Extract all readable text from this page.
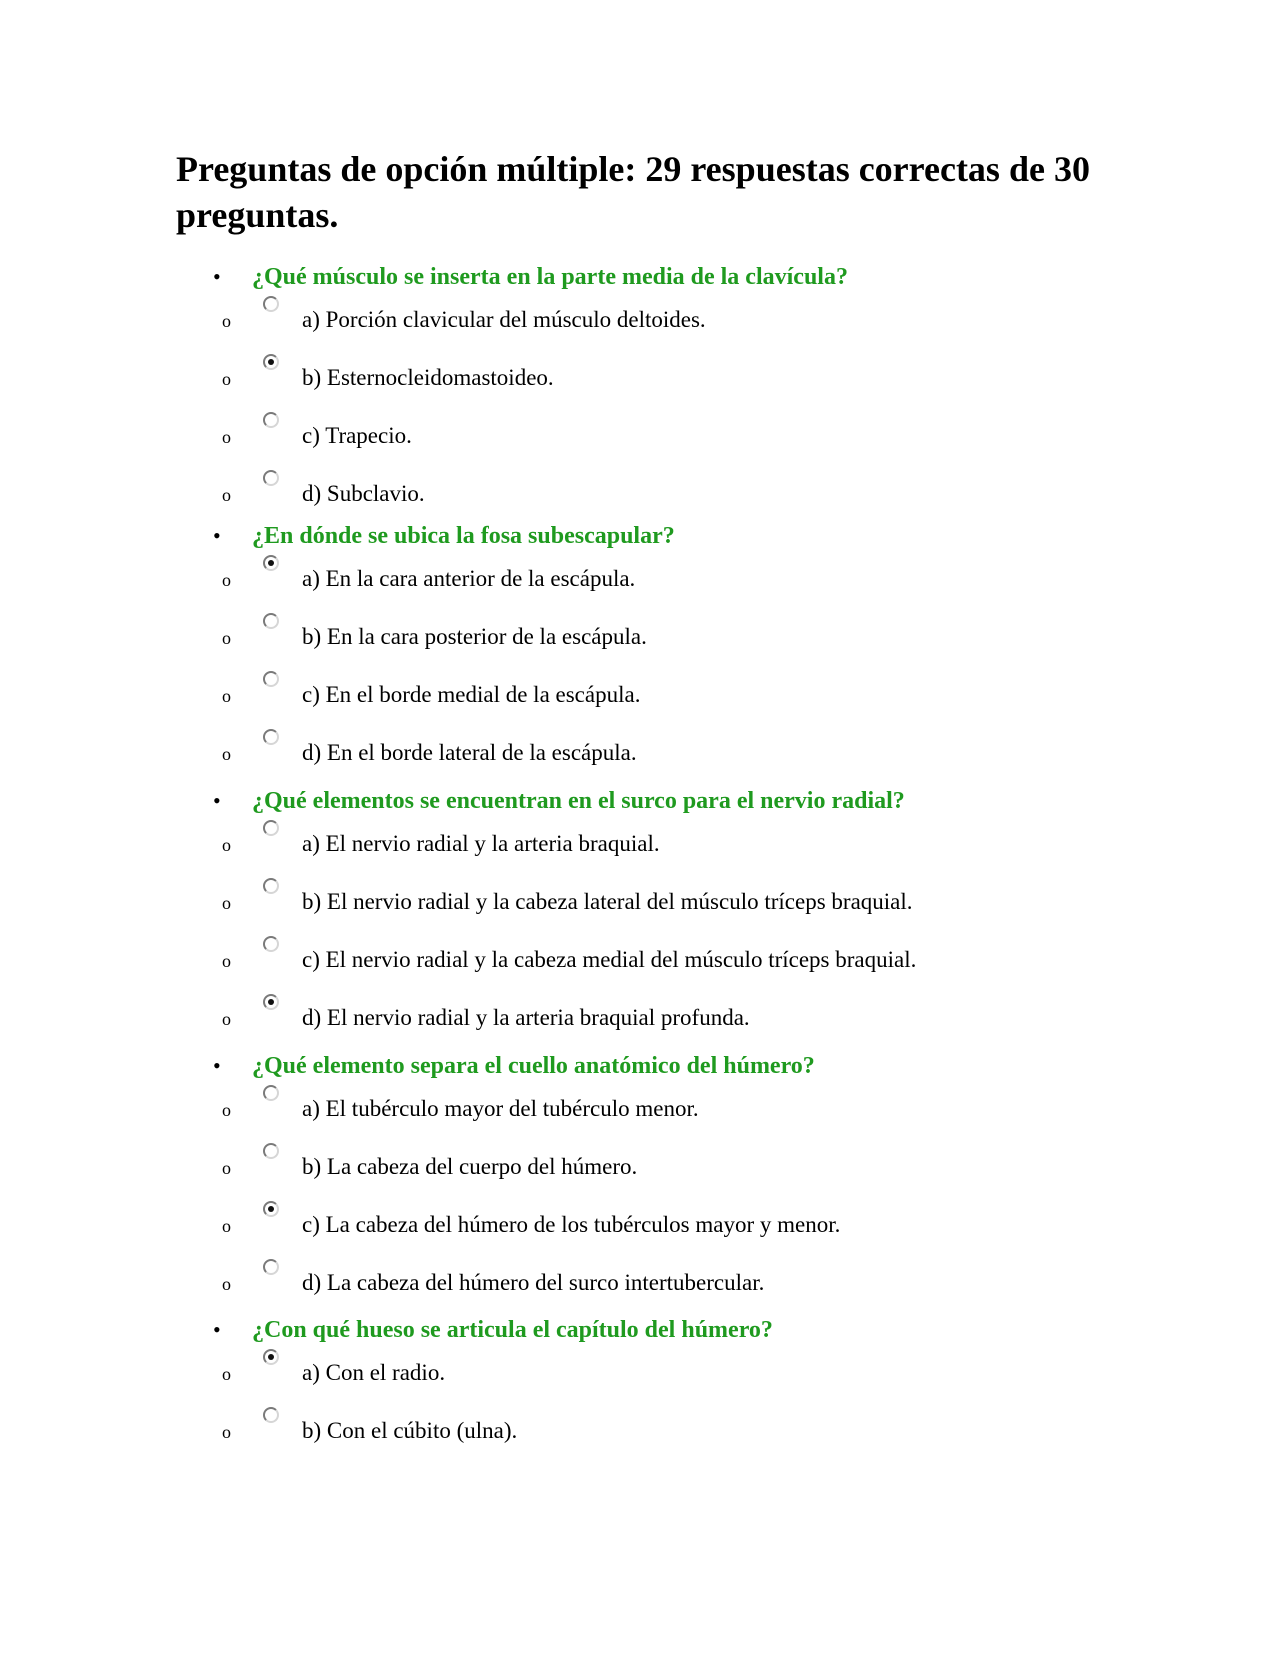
Preguntas de opción múltiple: 29 respuestas correctas de 30 preguntas.
• ¿Qué músculo se inserta en la parte media de la clavícula?
o	a) Porción clavicular del músculo deltoides.
o	b) Esternocleidomastoideo.
o	c) Trapecio.
o	d) Subclavio.
• ¿En dónde se ubica la fosa subescapular?
o	a) En la cara anterior de la escápula.
o	b) En la cara posterior de la escápula.
o	c) En el borde medial de la escápula.
o	d) En el borde lateral de la escápula.
• ¿Qué elementos se encuentran en el surco para el nervio radial?
o	a) El nervio radial y la arteria braquial.
o	b) El nervio radial y la cabeza lateral del músculo tríceps braquial.
o	c) El nervio radial y la cabeza medial del músculo tríceps braquial.
o	d) El nervio radial y la arteria braquial profunda.
• ¿Qué elemento separa el cuello anatómico del húmero?
o	a) El tubérculo mayor del tubérculo menor.
o	b) La cabeza del cuerpo del húmero.
o	c) La cabeza del húmero de los tubérculos mayor y menor.
o	d) La cabeza del húmero del surco intertubercular.
• ¿Con qué hueso se articula el capítulo del húmero?
o	a) Con el radio.
o	b) Con el cúbito (ulna).
